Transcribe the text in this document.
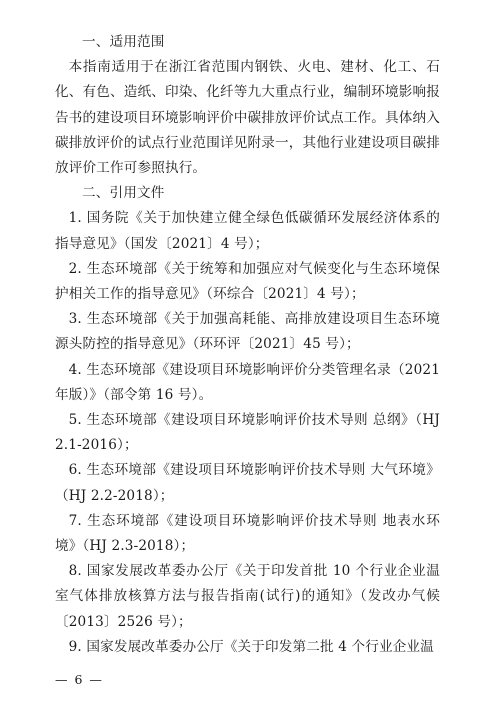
一、适用范围

本指南适用于在浙江省范围内钢铁、火电、建材、化工、石化、有色、造纸、印染、化纤等九大重点行业，编制环境影响报告书的建设项目环境影响评价中碳排放评价试点工作。具体纳入碳排放评价的试点行业范围详见附录一，其他行业建设项目碳排放评价工作可参照执行。

二、引用文件

1. 国务院《关于加快建立健全绿色低碳循环发展经济体系的指导意见》（国发〔2021〕4 号）；

2. 生态环境部《关于统筹和加强应对气候变化与生态环境保护相关工作的指导意见》（环综合〔2021〕4 号）；

3. 生态环境部《关于加强高耗能、高排放建设项目生态环境源头防控的指导意见》（环环评〔2021〕45 号）；

4. 生态环境部《建设项目环境影响评价分类管理名录（2021年版）》（部令第 16 号）。

5. 生态环境部《建设项目环境影响评价技术导则 总纲》（HJ 2.1-2016）；

6. 生态环境部《建设项目环境影响评价技术导则 大气环境》（HJ 2.2-2018）；

7. 生态环境部《建设项目环境影响评价技术导则 地表水环境》（HJ 2.3-2018）；

8. 国家发展改革委办公厅《关于印发首批 10 个行业企业温室气体排放核算方法与报告指南(试行)的通知》（发改办气候〔2013〕2526 号）；

9. 国家发展改革委办公厅《关于印发第二批 4 个行业企业温

— 6 —
